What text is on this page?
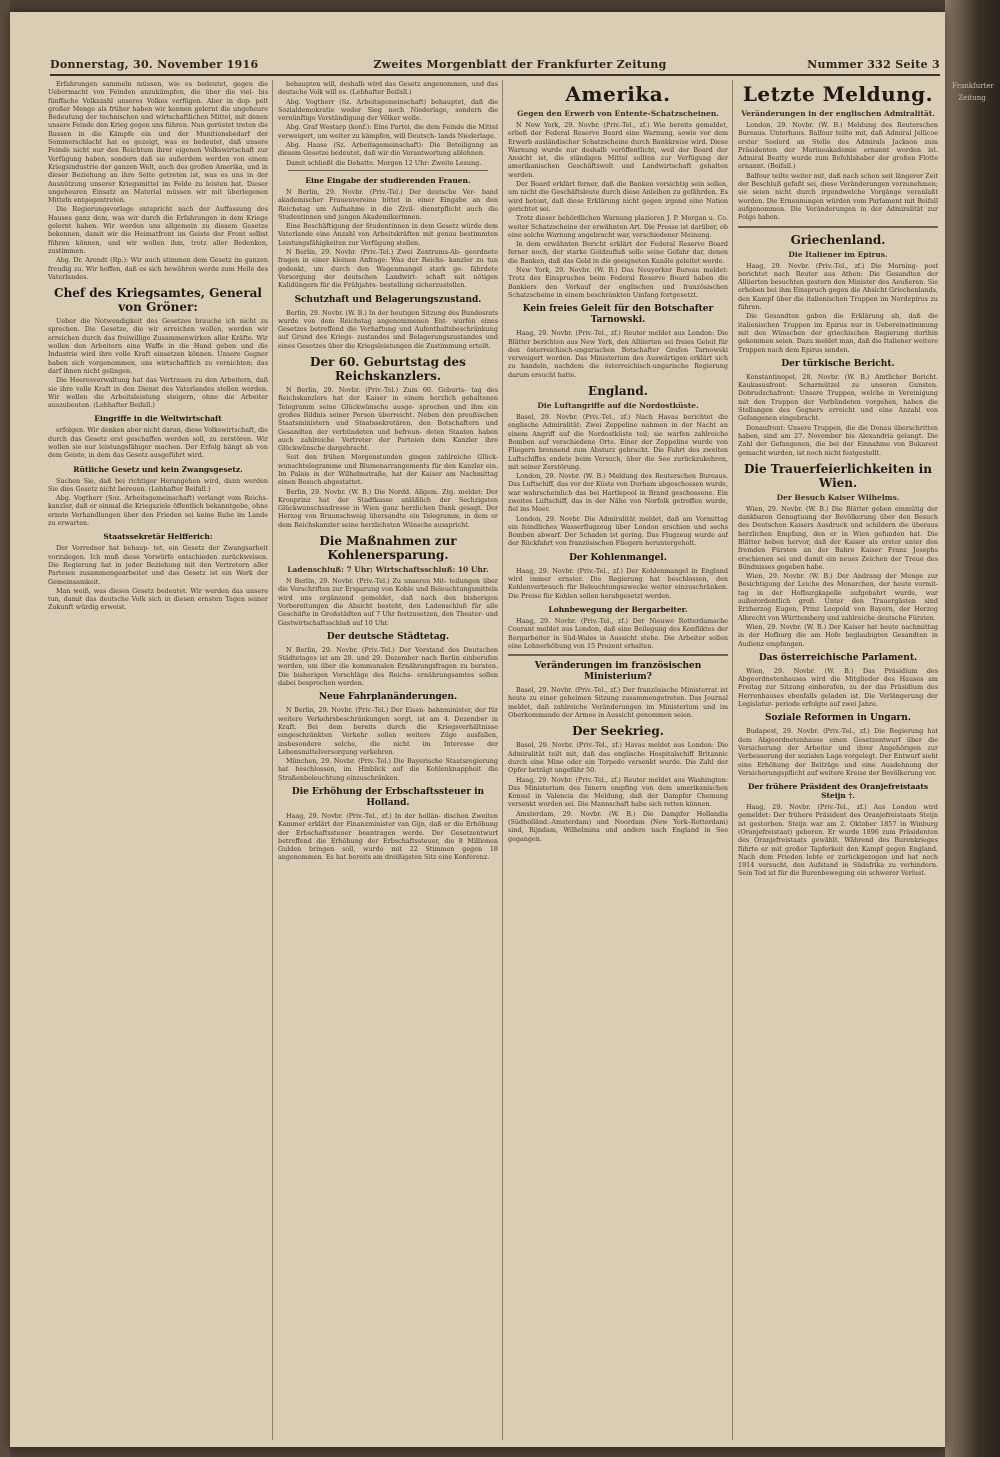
Donnerstag, 30. November 1916	Zweites Morgenblatt der Frankfurter Zeitung	Nummer 332 Seite 3

Erfahrungen sammeln müssen, wie es bedeutet, gegen die Uebermacht von Feinden anzukämpfen, die über die viel- bis fünffache Volkszahl unseres Volkes verfügen. Aber in dop- pelt großer Menge als früher haben wir kennen gelernt die ungeheure Bedeutung der technischen und wirtschaftlichen Mittel, mit denen unsere Feinde den Krieg gegen uns führen. Nun gerüstet treten die Russen in die Kämpfe ein und der Munitionsbedarf der Sommerschlacht hat es gezeigt, was es bedeutet, daß unsere Feinde nicht nur den Reichtum ihrer eigenen Volkswirtschaft zur Verfügung haben, sondern daß sie außerdem werden von einem Kriegsindustrie der ganzen Welt, auch des großen Amerika, und in dieser Beziehung an ihre Seite getreten ist, was es uns in der Ausnützung unserer Kriegsmittel im Felde zu leisten hat. Dieser ungeheuren Einsatz an Material müssen wir mit überlegenen Mitteln entgegentreten.

Die Regierungsvorlage entspricht nach der Auffassung des Hauses ganz dem, was wir durch die Erfahrungen in dem Kriege gelernt haben. Wir werden uns allgemein zu diesem Gesetze bekennen, damit wir die Heimatfront im Geiste der Front selbst führen können, und wir wollen ihm, trotz aller Bedenken, zustimmen.

Abg. Dr. Arendt (Rp.): Wir auch stimmen dem Gesetz im ganzen freudig zu. Wir hoffen, daß es sich bewähren werde zum Heile des Vaterlandes.

Chef des Kriegsamtes, General von Gröner:

Ueber die Notwendigkeit des Gesetzes brauche ich nicht zu sprechen. Die Gesetze, die wir erreichen wollen, werden wir erreichen durch das freiwillige Zusammenwirken aller Kräfte. Wir wollen den Arbeitern eine Waffe in die Hand geben und die Industrie wird ihre volle Kraft einsetzen können. Unsere Gegner haben sich vorgenommen, uns wirtschaftlich zu vernichten; das darf ihnen nicht gelingen.

Die Heeresverwaltung hat das Vertrauen zu den Arbeitern, daß sie ihre volle Kraft in den Dienst des Vaterlandes stellen werden. Wir wollen die Arbeitsleistung steigern, ohne die Arbeiter auszubeuten. (Lebhafter Beifall.)

Eingriffe in die Weltwirtschaft

erfolgen. Wir denken aber nicht daran, diese Volkswirtschaft, die durch das Gesetz erst geschaffen werden soll, zu zerstören. Wir wollen sie nur leistungsfähiger machen. Der Erfolg hängt ab von dem Geiste, in dem das Gesetz ausgeführt wird.

Rütliche Gesetz und kein Zwangsgesetz.

Suchen Sie, daß bei richtiger Herangehen wird, dann werden Sie dies Gesetz nicht bereuen. (Lebhafter Beifall.)

Abg. Vogtherr (Soz. Arbeitsgemeinschaft) verlangt vom Reichs- kanzler, daß er einmal die Kriegsziele öffentlich bekanntgebe, ohne ernste Verhandlungen über den Frieden sei keine Ruhe im Lande zu erwarten.

Staatssekretär Helfferich:

Der Vorredner hat behaup- tet, ein Gesetz der Zwangsarbeit vorzulegen. Ich muß diese Vorwürfe entschieden zurückweisen. Die Regierung hat in jeder Beziehung mit den Vertretern aller Parteien zusammengearbeitet und das Gesetz ist ein Werk der Gemeinsamkeit.

Man weiß, was dieses Gesetz bedeutet. Wir werden das unsere tun, damit das deutsche Volk sich in diesen ernsten Tagen seiner Zukunft würdig erweist.

behaupten will, deshalb wird das Gesetz angenommen, und das deutsche Volk will es. (Lebhafter Beifall.)

Abg. Vogtherr (Sz. Arbeitsgemeinschaft) behauptet, daß die Sozialdemokratie weder Sieg noch Niederlage, sondern die vernünftige Verständigung der Völker wolle.

Abg. Graf Westarp (konf.): Eine Partei, die dem Feinde die Mittel verweigert, um weiter zu kämpfen, will Deutsch- lands Niederlage.

Abg. Haase (Sz. Arbeitsgemeinschaft): Die Beteiligung an diesem Gesetze bedeutet, daß wir die Verantwortung ablehnen.

Damit schließt die Debatte. Morgen 12 Uhr: Zweite Lesung.

Eine Eingabe der studierenden Frauen.

N Berlin, 29. Novbr. (Priv.-Tel.) Der deutsche Ver- band akademischer Frauenvereine bittet in einer Eingabe an den Reichstag um Aufnahme in die Zivil- dienstpflicht auch die Studentinnen und jungen Akademikerinnen.

Eine Beschäftigung der Studentinnen in dem Gesetz würde dem Vaterlande eine Anzahl von Arbeitskräften mit genau bestimmten Leistungsfähigkeiten zur Verfügung stellen.

N Berlin, 29. Novbr. (Priv.-Tel.) Zwei Zentrums-Ab- geordnete fragen in einer kleinen Anfrage: Was der Reichs- kanzler zu tun gedenkt, um durch den Wagenmangel stark ge- fährdete Versorgung der deutschen Landwirt- schaft mit nötigen Kalidüngern für die Frühjahrs- bestellung sicherzustellen.

Schutzhaft und Belagerungszustand.

Berlin, 29. Novbr. (W. B.) In der heutigen Sitzung des Bundesrats wurde von dem Reichstag angenommenen Ent- wurfen eines Gesetzes betreffend die Verhaftung und Aufenthaltsbeschränkung auf Grund des Kriegs- zustandes und Belagerungszustandes und eines Gesetzes über die Kriegsleistungen die Zustimmung erteilt.

Der 60. Geburtstag des Reichskanzlers.

N Berlin, 29. Novbr. (Priv.-Tel.) Zum 60. Geburts- tag des Reichskanzlers hat der Kaiser in einem herzlich gehaltenen Telegramm seine Glückwünsche ausge- sprochen und ihm ein großes Bildnis seiner Person überreicht. Neben den preußischen Staatsministern und Staatssekretären, den Botschaftern und Gesandten der verbündeten und befreun- deten Staaten haben auch zahlreiche Vertreter der Parteien dem Kanzler ihre Glückwünsche dargebracht.

Seit den frühen Morgenstunden gingen zahlreiche Glück- wunschtelegramme und Blumenarrangements für den Kanzler ein. Im Palais in der Wilhelmstraße, hat der Kaiser am Nachmittag einen Besuch abgestattet.

Berlin, 29. Novbr. (W. B.) Die Nordd. Allgem. Ztg. meldet: Der Kronprinz hat der Stadtkasse anläßlich der Sechzigsten Glückwunschsadresse in Wien ganz herzlichen Dank gesagt. Der Herzog von Braunschweig übersandte ein Telegramm, in dem er dem Reichskanzler seine herzlichsten Wünsche ausspricht.

Die Maßnahmen zur Kohlenersparung.
Ladenschluß: 7 Uhr; Wirtschaftsschluß: 10 Uhr.

N Berlin, 29. Novbr. (Priv.-Tel.) Zu unseren Mit- teilungen über die Vorschriften zur Ersparung von Kohle und Beleuchtungsmitteln wird uns ergänzend gemeldet, daß nach den bisherigen Vorbereitungen die Absicht besteht, den Ladenschluß für alle Geschäfte in Großstädten auf 7 Uhr festzusetzen, den Theater- und Gastwirtschaftsschluß auf 10 Uhr.

Der deutsche Städtetag.

N Berlin, 29. Novbr. (Priv.-Tel.) Der Vorstand des Deutschen Städtetages ist am 28. und 29. Dezember nach Berlin einberufen worden, um über die kommunalen Ernährungsfragen zu beraten. Die bisherigen Vorschläge des Reichs- ernährungsamtes sollen dabei besprochen werden.

Neue Fahrplanänderungen.

N Berlin, 29. Novbr. (Priv.-Tel.) Der Eisen- bahnminister, der für weitere Verkehrsbeschränkungen sorgt, ist am 4. Dezember in Kraft. Bei dem bereits durch die Kriegsverhältnisse eingeschränkten Verkehr sollen weitere Züge ausfallen, insbesondere solche, die nicht im Interesse der Lebensmittelversorgung verkehren.

München, 29. Novbr. (Priv.-Tel.) Die Bayerische Staatsregierung hat beschlossen, im Hinblick auf die Kohlenknappheit die Straßenbeleuchtung einzuschränken.

Die Erhöhung der Erbschaftssteuer in Holland.

Haag, 29. Novbr. (Priv.-Tel., zf.) In der hollän- dischen Zweiten Kammer erklärt der Finanzminister van Gijn, daß er die Erhöhung der Erbschaftssteuer beantragen werde. Der Gesetzentwurf betreffend die Erhöhung der Erbschaftssteuer, die 8 Millionen Gulden bringen soll, wurde mit 22 Stimmen gegen 18 angenommen. Es hat bereits am dreißigsten Sitz eine Konferenz.

Amerika.
Gegen den Erwerb von Entente-Schatzscheinen.

N New York, 29. Novbr. (Priv.-Tel., zf.) Wie bereits gemeldet, erließ der Federal Reserve Board eine Warnung, sowie vor dem Erwerb ausländischer Schatzscheine durch Bankkreise wird. Diese Warnung wurde nur deshalb veröffentlicht, weil der Board der Ansicht ist, die ständigen Mittel sollten zur Verfügung der amerikanischen Geschäftswelt und Landwirtschaft gehalten werden.

Der Board erklärt ferner, daß die Banken vorsichtig sein sollen, um nicht die Geschäftsleute durch diese Anleihen zu gefährden. Es wird betont, daß diese Erklärung nicht gegen irgend eine Nation gerichtet sei.

Trotz dieser behördlichen Warnung plazieren J. P. Morgan u. Co. weiter Schatzscheine der erwähnten Art. Die Presse ist darüber, ob eine solche Warnung angebracht war, verschiedener Meinung.

In dem erwähnten Bericht erklärt der Federal Reserve Board ferner noch, der starke Goldzufluß solle seine Gefahr dar, denen die Banken, daß das Gold in die geeigneten Kanäle geleitet werde.

New York, 29. Novbr. (W. B.) Das Neuyorker Bureau meldet: Trotz des Einspruches beim Federal Reserve Board haben die Bankiers den Verkauf der englischen und französischen Schatzscheine in einem beschränkten Umfang fortgesetzt.

Kein freies Geleit für den Botschafter Tarnowski.

Haag, 29. Novbr. (Priv.-Tel., zf.) Reuter meldet aus London: Die Blätter berichten aus New York, den Alliierten sei freies Geleit für den österreichisch-ungarischen Botschafter Grafen Tarnowski verweigert worden. Das Ministerium des Auswärtigen erklärt sich zu handeln, nachdem die österreichisch-ungarische Regierung darum ersucht hatte.

England.
Die Luftangriffe auf die Nordostküste.

Basel, 29. Novbr. (Priv.-Tel., zf.) Nach Havas berichtet die englische Admiralität: Zwei Zeppeline nahmen in der Nacht an einem Angriff auf die Nordostküste teil; sie warfen zahlreiche Bomben auf verschiedene Orte. Einer der Zeppeline wurde von Fliegern brennend zum Absturz gebracht. Die Fahrt des zweiten Luftschiffes endete beim Versuch, über die See zurückzukehren, mit seiner Zerstörung.

London, 29. Novbr. (W. B.) Meldung des Reuterschen Bureaus. Das Luftschiff, das vor der Küste von Durham abgeschossen wurde, war wahrscheinlich das bei Hartlepool in Brand geschossene. Ein zweites Luftschiff, das in der Nähe von Norfolk getroffen wurde, fiel ins Meer.

London, 29. Novbr. Die Admiralität meldet, daß am Vormittag ein feindliches Wasserflugzeug über London erschien und sechs Bomben abwarf. Der Schaden ist gering. Das Flugzeug wurde auf der Rückfahrt von französischen Fliegern heruntergeholt.

Der Kohlenmangel.

Haag, 29. Novbr. (Priv.-Tel., zf.) Der Kohlenmangel in England wird immer ernster. Die Regierung hat beschlossen, den Kohlenverbrauch für Beleuchtungszwecke weiter einzuschränken. Die Preise für Kohlen sollen herabgesetzt werden.

Lohnbewegung der Bergarbeiter.

Haag, 29. Novbr. (Priv.-Tel., zf.) Der Nieuwe Rotterdamsche Courant meldet aus London, daß eine Beilegung des Konfliktes der Bergarbeiter in Süd-Wales in Aussicht stehe. Die Arbeiter sollen eine Lohnerhöhung von 15 Prozent erhalten.

Veränderungen im französischen Ministerium?

Basel, 29. Novbr. (Priv.-Tel., zf.) Der französische Ministerrat ist heute zu einer geheimen Sitzung zusammengetreten. Das Journal meldet, daß zahlreiche Veränderungen im Ministerium und im Oberkommando der Armee in Aussicht genommen seien.

Der Seekrieg.

Basel, 29. Novbr. (Priv.-Tel., zf.) Havas meldet aus London: Die Admiralität teilt mit, daß das englische Hospitalschiff Britannic durch eine Mine oder ein Torpedo versenkt wurde. Die Zahl der Opfer beträgt ungefähr 50.

Haag, 29. Novbr. (Priv.-Tel., zf.) Reuter meldet aus Washington: Das Ministerium des Innern empfing von dem amerikanischen Konsul in Valencia die Meldung, daß der Dampfer Chemung versenkt worden sei. Die Mannschaft habe sich retten können.

Amsterdam, 29. Novbr. (W. B.) Die Dampfer Hollandia (Südholländ.-Amsterdam) und Noordam (New York–Rotterdam) sind, Rijndam, Wilhelmina und andere nach England in See gegangen.

Letzte Meldung.
Veränderungen in der englischen Admiralität.

London, 29. Novbr. (W. B.) Meldung des Reuterschen Bureaus. Unterhaus. Balfour teilte mit, daß Admiral Jellicoe erster Seelord an Stelle des Admirals Jackson zum Präsidenten der Marineakademie ernannt worden ist. Admiral Beatty wurde zum Befehlshaber der großen Flotte ernannt. (Beifall.)

Balfour teilte weiter mit, daß nach schon seit längerer Zeit der Beschluß gefaßt sei, diese Veränderungen vorzunehmen; sie seien nicht durch irgendwelche Vorgänge veranlaßt worden. Die Ernennungen würden vom Parlament mit Beifall aufgenommen. Die Veränderungen in der Admiralität zur Folge haben.

Griechenland.
Die Italiener im Epirus.

Haag, 29. Novbr. (Priv.-Tel., zf.) Die Morning- post berichtet nach Reuter aus Athen: Die Gesandten der Alliierten besuchten gestern den Minister des Aeußeren. Sie erhoben bei ihm Einspruch gegen die Absicht Griechenlands, den Kampf über die italienischen Truppen im Nordepirus zu führen.

Die Gesandten gaben die Erklärung ab, daß die italienischen Truppen im Epirus nur in Uebereinstimmung mit den Wünschen der griechischen Regierung dorthin gekommen seien. Dazu meldet man, daß die Italiener weitere Truppen nach dem Epirus senden.

Der türkische Bericht.

Konstantinopel, 28. Novbr. (W. B.) Amtlicher Bericht. Kaukasusfront: Scharmützel zu unseren Gunsten. Dobrudschafront: Unsere Truppen, welche in Vereinigung mit den Truppen der Verbündeten vorgehen, haben die Stellungen des Gegners erreicht und eine Anzahl von Gefangenen eingebracht.

Donaufront: Unsere Truppen, die die Donau überschritten haben, sind am 27. November bis Alexandria gelangt. Die Zahl der Gefangenen, die bei der Einnahme von Bukarest gemacht wurden, ist noch nicht festgestellt.

Die Trauerfeierlichkeiten in Wien.
Der Besuch Kaiser Wilhelms.

Wien, 29. Novbr. (W. B.) Die Blätter geben einmütig der dankbaren Genugtuung der Bevölkerung über den Besuch des Deutschen Kaisers Ausdruck und schildern die überaus herzlichen Empfang, den er in Wien gefunden hat. Die Blätter heben hervor, daß der Kaiser als erster unter den fremden Fürsten an der Bahre Kaiser Franz Josephs erschienen sei und damit ein neues Zeichen der Treue des Bündnisses gegeben habe.

Wien, 29. Novbr. (W. B.) Der Andrang der Menge zur Besichtigung der Leiche des Monarchen, der heute vormit- tag in der Hofburgkapelle aufgebahrt wurde, war außerordentlich groß. Unter den Trauergästen sind Erzherzog Eugen, Prinz Leopold von Bayern, der Herzog Albrecht von Württemberg und zahlreiche deutsche Fürsten.

Wien, 29. Novbr. (W. B.) Der Kaiser hat heute nachmittag in der Hofburg die am Hofe beglaubigten Gesandten in Audienz empfangen.

Das österreichische Parlament.

Wien, 29. Novbr. (W. B.) Das Präsidium des Abgeordnetenhauses wird die Mitglieder des Hauses am Freitag zur Sitzung einberufen, zu der das Präsidium des Herrenhauses ebenfalls geladen ist. Die Verlängerung der Legislatur- periode erfolgte auf zwei Jahre.

Soziale Reformen in Ungarn.

Budapest, 29. Novbr. (Priv.-Tel., zf.) Die Regierung hat dem Abgeordnetenhause einen Gesetzentwurf über die Versicherung der Arbeiter und ihrer Angehörigen zur Verbesserung der sozialen Lage vorgelegt. Der Entwurf sieht eine Erhöhung der Beiträge und eine Ausdehnung der Versicherungspflicht auf weitere Kreise der Bevölkerung vor.

Der frühere Präsident des Oranjefreistaats Steijn †.

Haag, 29. Novbr. (Priv.-Tel., zf.) Aus London wird gemeldet: Der frühere Präsident des Oranjefreistaats Steijn ist gestorben. Steijn war am 2. Oktober 1857 in Winburg (Oranjefreistaat) geboren. Er wurde 1896 zum Präsidenten des Oranjefreistaats gewählt. Während des Burenkrieges führte er mit großer Tapferkeit den Kampf gegen England. Nach dem Frieden lebte er zurückgezogen und hat noch 1914 versucht, den Aufstand in Südafrika zu verhindern. Sein Tod ist für die Burenbewegung ein schwerer Verlust.

Frankfurter Zeitung
